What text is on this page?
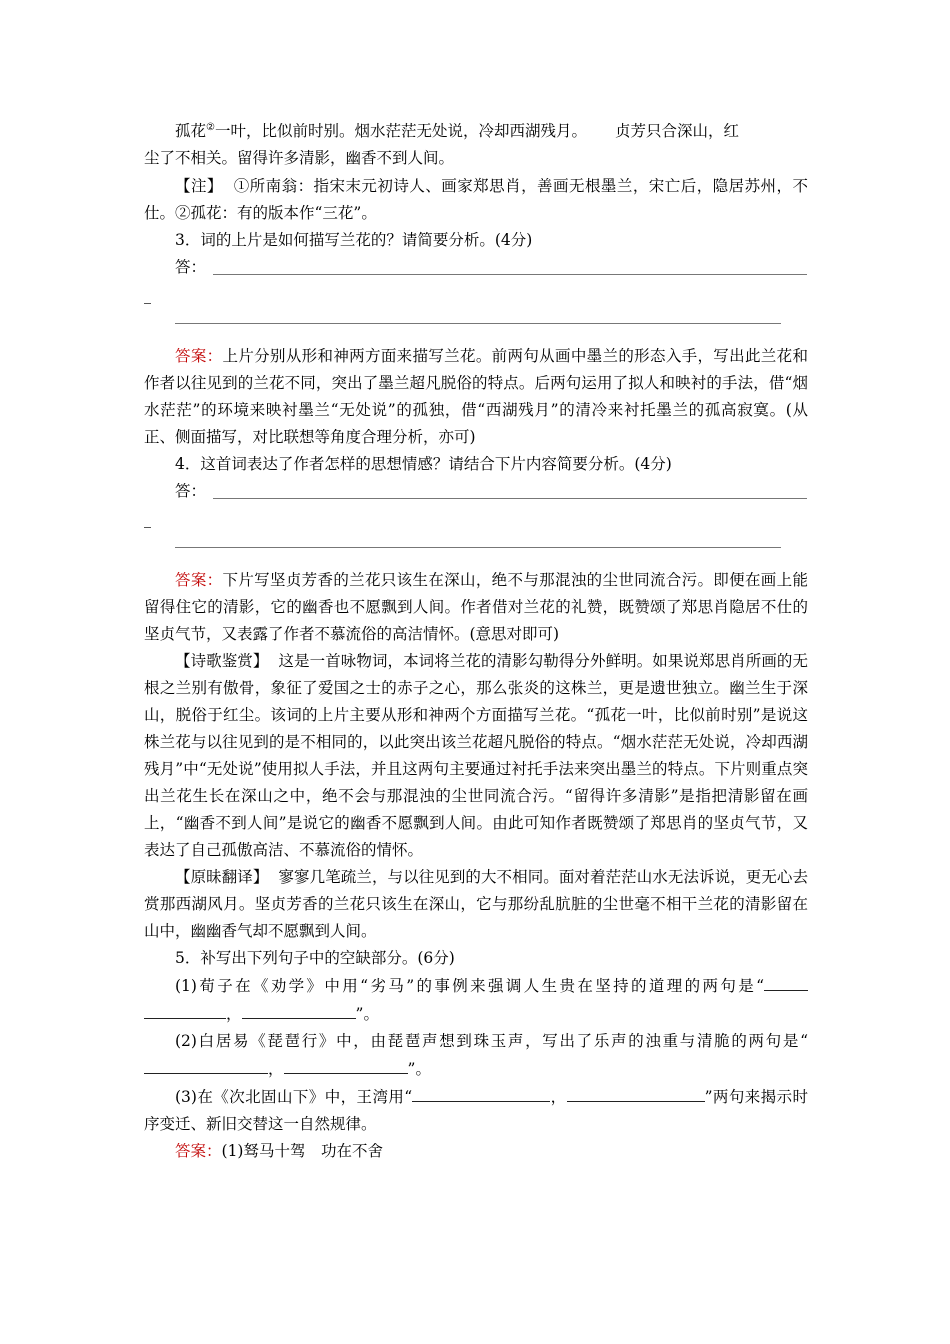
孤花②一叶，比似前时别。烟水茫茫无处说，冷却西湖残月。 贞芳只合深山，红

尘了不相关。留得许多清影，幽香不到人间。

【注】 ①所南翁：指宋末元初诗人、画家郑思肖，善画无根墨兰，宋亡后，隐居苏州，不仕。②孤花：有的版本作“三花”。

3．词的上片是如何描写兰花的？请简要分析。(4分)

答：

答案：上片分别从形和神两方面来描写兰花。前两句从画中墨兰的形态入手，写出此兰花和作者以往见到的兰花不同，突出了墨兰超凡脱俗的特点。后两句运用了拟人和映衬的手法，借“烟水茫茫”的环境来映衬墨兰“无处说”的孤独，借“西湖残月”的清冷来衬托墨兰的孤高寂寞。(从正、侧面描写，对比联想等角度合理分析，亦可)

4．这首词表达了作者怎样的思想情感？请结合下片内容简要分析。(4分)

答：

答案：下片写坚贞芳香的兰花只该生在深山，绝不与那混浊的尘世同流合污。即便在画上能留得住它的清影，它的幽香也不愿飘到人间。作者借对兰花的礼赞，既赞颂了郑思肖隐居不仕的坚贞气节，又表露了作者不慕流俗的高洁情怀。(意思对即可)

【诗歌鉴赏】 这是一首咏物词，本词将兰花的清影勾勒得分外鲜明。如果说郑思肖所画的无根之兰别有傲骨，象征了爱国之士的赤子之心，那么张炎的这株兰，更是遗世独立。幽兰生于深山，脱俗于红尘。该词的上片主要从形和神两个方面描写兰花。“孤花一叶，比似前时别”是说这株兰花与以往见到的是不相同的，以此突出该兰花超凡脱俗的特点。“烟水茫茫无处说，冷却西湖残月”中“无处说”使用拟人手法，并且这两句主要通过衬托手法来突出墨兰的特点。下片则重点突出兰花生长在深山之中，绝不会与那混浊的尘世同流合污。“留得许多清影”是指把清影留在画上，“幽香不到人间”是说它的幽香不愿飘到人间。由此可知作者既赞颂了郑思肖的坚贞气节，又表达了自己孤傲高洁、不慕流俗的情怀。

【原昧翻译】 寥寥几笔疏兰，与以往见到的大不相同。面对着茫茫山水无法诉说，更无心去赏那西湖风月。坚贞芳香的兰花只该生在深山，它与那纷乱肮脏的尘世毫不相干兰花的清影留在山中，幽幽香气却不愿飘到人间。

5．补写出下列句子中的空缺部分。(6分)

(1)荀子在《劝学》中用“劣马”的事例来强调人生贵在坚持的道理的两句是“，	”。

(2)白居易《琵琶行》中，由琵琶声想到珠玉声，写出了乐声的浊重与清脆的两句是“，	”。

(3)在《次北固山下》中，王湾用“	，	”两句来揭示时序变迁、新旧交替这一自然规律。

答案：(1)驽马十驾　功在不舍
